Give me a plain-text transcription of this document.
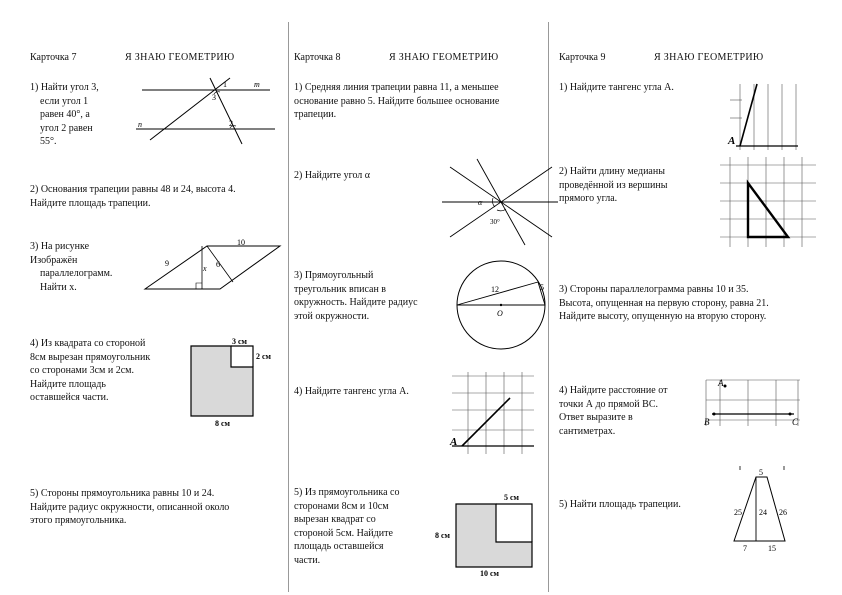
Карточка 7	Я ЗНАЮ ГЕОМЕТРИЮ
1) Найти угол 3,
если угол 1
равен 40°, а
угол 2 равен
55°.
m
n
1
3
2
2) Основания трапеции равны 48 и 24, высота 4.
Найдите площадь трапеции.
3) На рисунке
Изображён
параллелограмм.
Найти х.
10
9
x 6
4) Из квадрата со стороной
8см вырезан прямоугольник
со сторонами 3см и 2см.
Найдите площадь
оставшейся части.
3 см
2 см
8 см
5) Стороны прямоугольника равны 10 и 24.
Найдите радиус окружности, описанной около
этого прямоугольника.
Карточка 8	Я ЗНАЮ ГЕОМЕТРИЮ
1) Средняя линия трапеции равна 11, а меньшее
основание равно 5. Найдите большее основание
трапеции.
2) Найдите угол α
α
30°
3) Прямоугольный
треугольник вписан в
окружность. Найдите радиус
этой окружности.
12	5
O
4) Найдите тангенс угла А.
A
5) Из прямоугольника со
сторонами 8см и 10см
вырезан квадрат со
стороной 5см. Найдите
площадь оставшейся
части.
5 см
8 см
10 см
Карточка 9	Я ЗНАЮ ГЕОМЕТРИЮ
1) Найдите тангенс угла А.
A
2) Найти длину медианы
проведённой из вершины
прямого угла.
3) Стороны параллелограмма равны 10 и 35.
Высота, опущенная на первую сторону, равна 21.
Найдите высоту, опущенную на вторую сторону.
4) Найдите расстояние от
точки А до прямой ВС.
Ответ выразите в
сантиметрах.
A
B	C
5) Найти площадь трапеции.
5
25 24 26
7	15
